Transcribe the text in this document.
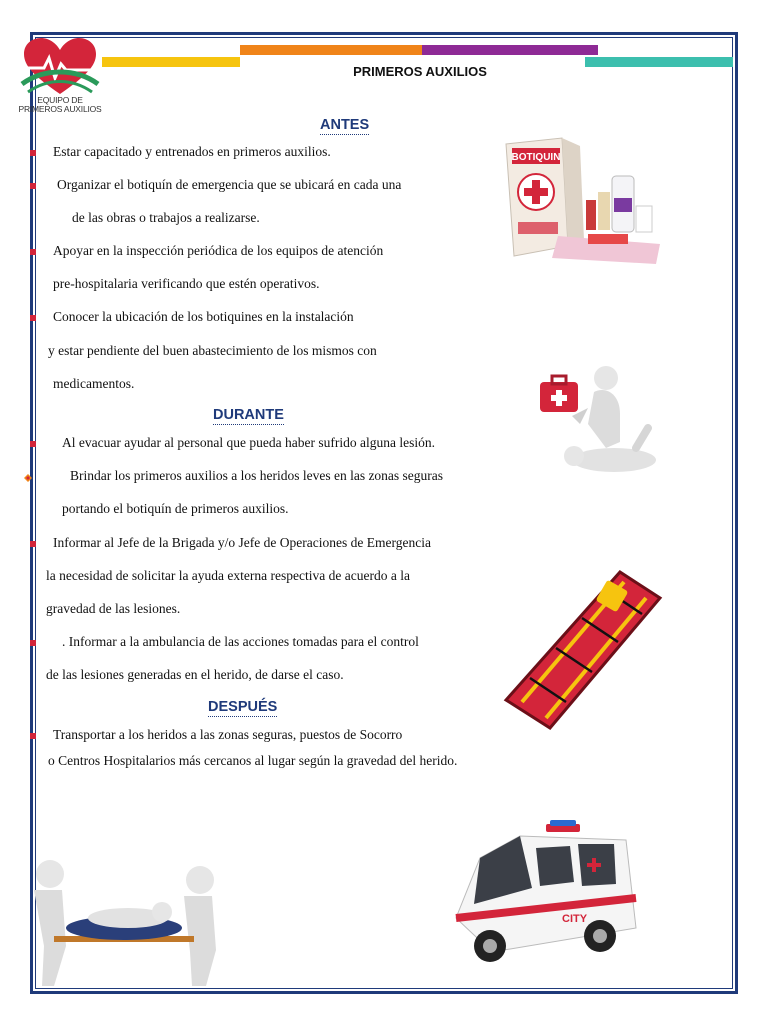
EQUIPO DE
PRIMEROS AUXILIOS
PRIMEROS AUXILIOS
ANTES
Estar capacitado y entrenados en primeros auxilios.
Organizar el botiquín de emergencia que se ubicará en cada una
de las obras o trabajos a realizarse.
Apoyar en la inspección periódica de los equipos de atención
pre-hospitalaria verificando que estén operativos.
Conocer la ubicación de los botiquines en la instalación
y estar pendiente del buen abastecimiento de los mismos con
medicamentos.
DURANTE
Al evacuar ayudar al personal que pueda haber sufrido alguna lesión.
Brindar los primeros auxilios a los heridos leves en las zonas seguras
portando el botiquín de primeros auxilios.
Informar al Jefe de la Brigada y/o Jefe de Operaciones de Emergencia
la necesidad de solicitar la ayuda externa respectiva de acuerdo a la
gravedad de las lesiones.
. Informar a la ambulancia de las acciones tomadas para el control
de las lesiones generadas en el herido, de darse el caso.
DESPUÉS
Transportar a los heridos a las zonas seguras, puestos de Socorro
o Centros Hospitalarios más cercanos al lugar según la gravedad del herido.
BOTIQUIN
CITY
